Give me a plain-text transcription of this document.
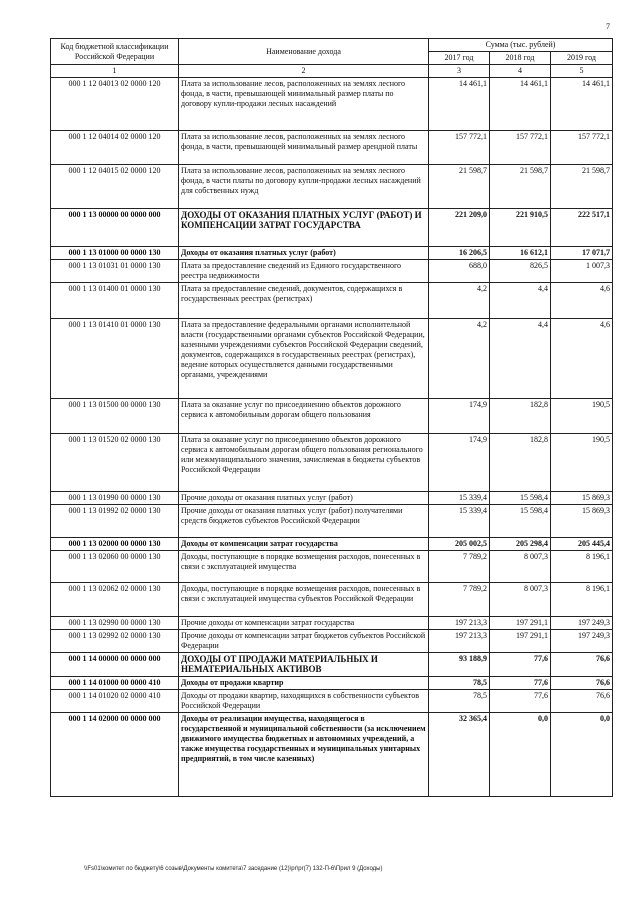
7
Код бюджетной классификации Российской Федерации	Наименование дохода	Сумма (тыс. рублей)		
		2017 год	2018 год	2019 год
1	2	3	4	5
000 1 12 04013 02 0000 120	Плата за использование лесов, расположенных на землях лесного фонда, в части, превышающей минимальный размер платы по договору купли-продажи лесных насаждений	14 461,1	14 461,1	14 461,1
000 1 12 04014 02 0000 120	Плата за использование лесов, расположенных на землях лесного фонда, в части, превышающей минимальный размер арендной платы	157 772,1	157 772,1	157 772,1
000 1 12 04015 02 0000 120	Плата за использование лесов, расположенных на землях лесного фонда, в части платы по договору купли-продажи лесных насаждений для собственных нужд	21 598,7	21 598,7	21 598,7
000 1 13 00000 00 0000 000	ДОХОДЫ ОТ ОКАЗАНИЯ ПЛАТНЫХ УСЛУГ (РАБОТ) И КОМПЕНСАЦИИ ЗАТРАТ ГОСУДАРСТВА	221 209,0	221 910,5	222 517,1
000 1 13 01000 00 0000 130	Доходы от оказания платных услуг (работ)	16 206,5	16 612,1	17 071,7
000 1 13 01031 01 0000 130	Плата за предоставление сведений из Единого государственного реестра недвижимости	688,0	826,5	1 007,3
000 1 13 01400 01 0000 130	Плата за предоставление сведений, документов, содержащихся в государственных реестрах (регистрах)	4,2	4,4	4,6
000 1 13 01410 01 0000 130	Плата за предоставление федеральными органами исполнительной власти (государственными органами субъектов Российской Федерации, казенными учреждениями субъектов Российской Федерации сведений, документов, содержащихся в государственных реестрах (регистрах), ведение которых осуществляется данными государственными органами, учреждениями	4,2	4,4	4,6
000 1 13 01500 00 0000 130	Плата за оказание услуг по присоединению объектов дорожного сервиса к автомобильным дорогам общего пользования	174,9	182,8	190,5
000 1 13 01520 02 0000 130	Плата за оказание услуг по присоединению объектов дорожного сервиса к автомобильным дорогам общего пользования регионального или межмуниципального значения, зачисляемая в бюджеты субъектов Российской Федерации	174,9	182,8	190,5
000 1 13 01990 00 0000 130	Прочие доходы от оказания платных услуг (работ)	15 339,4	15 598,4	15 869,3
000 1 13 01992 02 0000 130	Прочие доходы от оказания платных услуг (работ) получателями средств бюджетов субъектов Российской Федерации	15 339,4	15 598,4	15 869,3
000 1 13 02000 00 0000 130	Доходы от компенсации затрат государства	205 002,5	205 298,4	205 445,4
000 1 13 02060 00 0000 130	Доходы, поступающие в порядке возмещения расходов, понесенных в связи с эксплуатацией имущества	7 789,2	8 007,3	8 196,1
000 1 13 02062 02 0000 130	Доходы, поступающие в порядке возмещения расходов, понесенных в связи с эксплуатацией имущества субъектов Российской Федерации	7 789,2	8 007,3	8 196,1
000 1 13 02990 00 0000 130	Прочие доходы от компенсации затрат государства	197 213,3	197 291,1	197 249,3
000 1 13 02992 02 0000 130	Прочие доходы от компенсации затрат бюджетов субъектов Российской Федерации	197 213,3	197 291,1	197 249,3
000 1 14 00000 00 0000 000	ДОХОДЫ ОТ ПРОДАЖИ МАТЕРИАЛЬНЫХ И НЕМАТЕРИАЛЬНЫХ АКТИВОВ	93 188,9	77,6	76,6
000 1 14 01000 00 0000 410	Доходы от продажи квартир	78,5	77,6	76,6
000 1 14 01020 02 0000 410	Доходы от продажи квартир, находящихся в собственности субъектов Российской Федерации	78,5	77,6	76,6
000 1 14 02000 00 0000 000	Доходы от реализации имущества, находящегося в государственной и муниципальной собственности (за исключением движимого имущества бюджетных и автономных учреждений, а также имущества государственных и муниципальных унитарных предприятий, в том числе казенных)	32 365,4	0,0	0,0
\\Fs01\комитет по бюджету\6 созыв\Документы комитета\7 заседание (12)\pr\pr(7) 132-П-6\Прил 9 (Доходы)
